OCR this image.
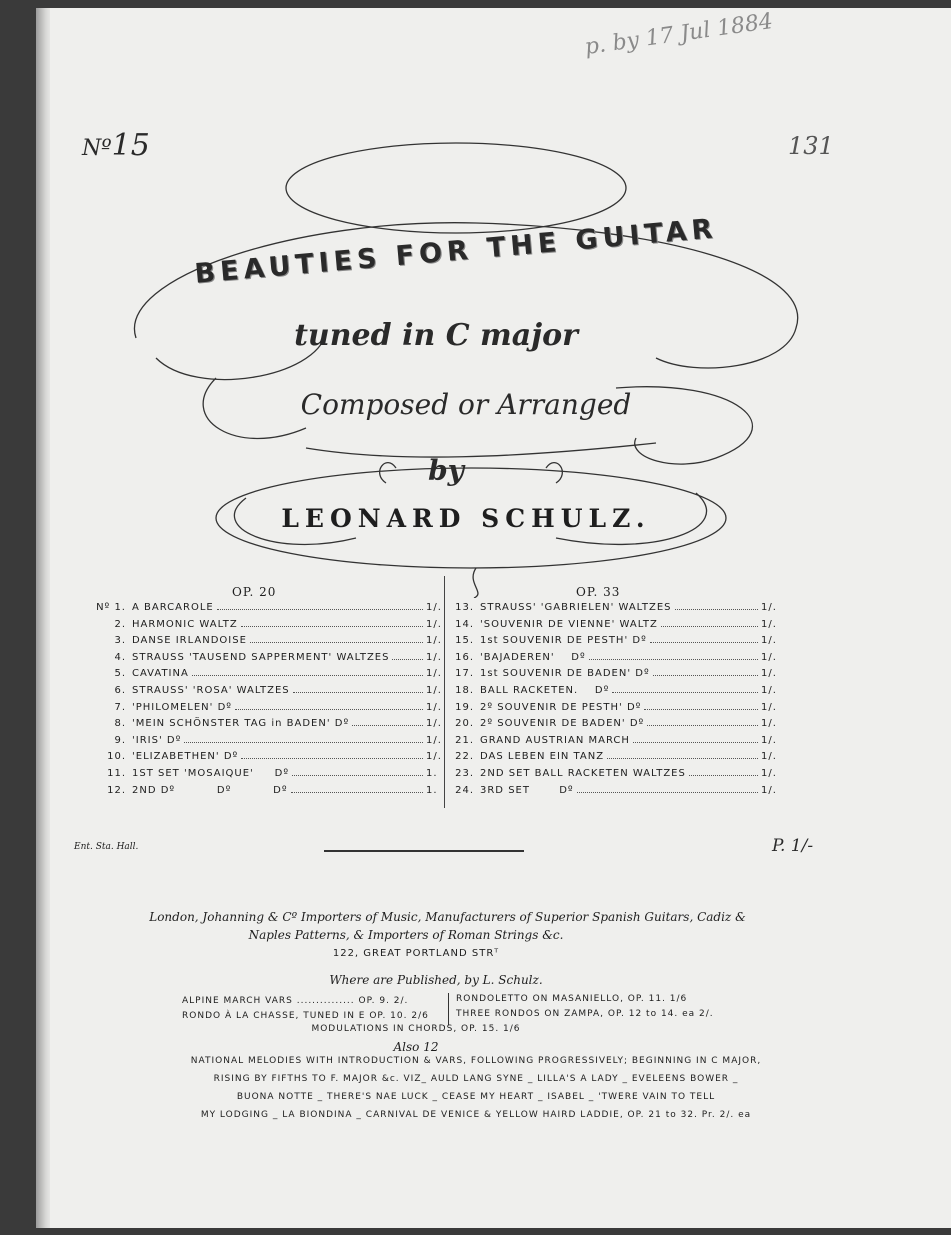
p. by 17 Jul 1884
Nº15	131
BEAUTIES FOR THE GUITAR
tuned in C major
Composed or Arranged
by
LEONARD SCHULZ.
OP. 20	OP. 33
Nº 1. A BARCAROLE	1/.
2. HARMONIC WALTZ	1/.
3. DANSE IRLANDOISE	1/.
4. STRAUSS 'TAUSEND SAPPERMENT' WALTZES	1/.
5. CAVATINA	1/.
6. STRAUSS' 'ROSA' WALTZES	1/.
7. 'PHILOMELEN' Dº	1/.
8. 'MEIN SCHÖNSTER TAG in BADEN' Dº	1/.
9. 'IRIS' Dº	1/.
10. 'ELIZABETHEN' Dº	1/.
11. 1ST SET 'MOSAIQUE'     Dº	1.
12. 2ND Dº          Dº          Dº	1.
13. STRAUSS' 'GABRIELEN' WALTZES	1/.
14. 'SOUVENIR DE VIENNE' WALTZ	1/.
15. 1st SOUVENIR DE PESTH' Dº	1/.
16. 'BAJADEREN'    Dº	1/.
17. 1st SOUVENIR DE BADEN' Dº	1/.
18. BALL RACKETEN.    Dº	1/.
19. 2º SOUVENIR DE PESTH' Dº	1/.
20. 2º SOUVENIR DE BADEN' Dº	1/.
21. GRAND AUSTRIAN MARCH	1/.
22. DAS LEBEN EIN TANZ	1/.
23. 2ND SET BALL RACKETEN WALTZES	1/.
24. 3RD SET       Dº	1/.
Ent. Sta. Hall.	P. 1/-
London, Johanning & Cº Importers of Music, Manufacturers of Superior Spanish Guitars, Cadiz &
Naples Patterns, & Importers of Roman Strings &c.
122, GREAT PORTLAND STRᵀ
Where are Published, by L. Schulz.
ALPINE MARCH VARS ............... OP. 9. 2/.
RONDO À LA CHASSE, TUNED IN E OP. 10. 2/6
RONDOLETTO ON MASANIELLO, OP. 11. 1/6
THREE RONDOS ON ZAMPA, OP. 12 to 14. ea 2/.
MODULATIONS IN CHORDS, OP. 15. 1/6
Also 12
NATIONAL MELODIES WITH INTRODUCTION & VARS, FOLLOWING PROGRESSIVELY; BEGINNING IN C MAJOR,
RISING BY FIFTHS TO F. MAJOR &c. VIZ_ AULD LANG SYNE _ LILLA'S A LADY _ EVELEENS BOWER _
BUONA NOTTE _ THERE'S NAE LUCK _ CEASE MY HEART _ ISABEL _ 'TWERE VAIN TO TELL
MY LODGING _ LA BIONDINA _ CARNIVAL DE VENICE & YELLOW HAIRD LADDIE, OP. 21 to 32. Pr. 2/. ea
